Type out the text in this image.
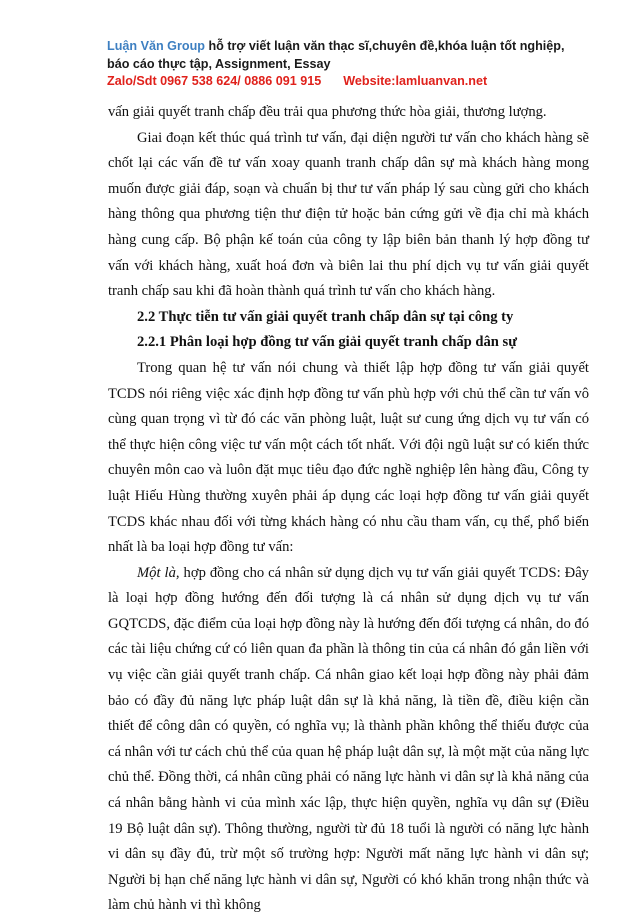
Luận Văn Group hỗ trợ viết luận văn thạc sĩ,chuyên đề,khóa luận tốt nghiệp,
báo cáo thực tập, Assignment, Essay
Zalo/Sdt 0967 538 624/ 0886 091 915 Website:lamluanvan.net

vấn giải quyết tranh chấp đều trải qua phương thức hòa giải, thương lượng.

Giai đoạn kết thúc quá trình tư vấn, đại diện người tư vấn cho khách hàng sẽ chốt lại các vấn đề tư vấn xoay quanh tranh chấp dân sự mà khách hàng mong muốn được giải đáp, soạn và chuẩn bị thư tư vấn pháp lý sau cùng gửi cho khách hàng thông qua phương tiện thư điện tử hoặc bản cứng gửi về địa chỉ mà khách hàng cung cấp. Bộ phận kế toán của công ty lập biên bản thanh lý hợp đồng tư vấn với khách hàng, xuất hoá đơn và biên lai thu phí dịch vụ tư vấn giải quyết tranh chấp sau khi đã hoàn thành quá trình tư vấn cho khách hàng.

2.2 Thực tiễn tư vấn giải quyết tranh chấp dân sự tại công ty

2.2.1 Phân loại hợp đồng tư vấn giải quyết tranh chấp dân sự

Trong quan hệ tư vấn nói chung và thiết lập hợp đồng tư vấn giải quyết TCDS nói riêng việc xác định hợp đồng tư vấn phù hợp với chủ thể cần tư vấn vô cùng quan trọng vì từ đó các văn phòng luật, luật sư cung ứng dịch vụ tư vấn có thể thực hiện công việc tư vấn một cách tốt nhất. Với đội ngũ luật sư có kiến thức chuyên môn cao và luôn đặt mục tiêu đạo đức nghề nghiệp lên hàng đầu, Công ty luật Hiếu Hùng thường xuyên phải áp dụng các loại hợp đồng tư vấn giải quyết TCDS khác nhau đối với từng khách hàng có nhu cầu tham vấn, cụ thể, phổ biến nhất là ba loại hợp đồng tư vấn:

Một là, hợp đồng cho cá nhân sử dụng dịch vụ tư vấn giải quyết TCDS: Đây là loại hợp đồng hướng đến đối tượng là cá nhân sử dụng dịch vụ tư vấn GQTCDS, đặc điểm của loại hợp đồng này là hướng đến đối tượng cá nhân, do đó các tài liệu chứng cứ có liên quan đa phần là thông tin của cá nhân đó gắn liền với vụ việc cần giải quyết tranh chấp. Cá nhân giao kết loại hợp đồng này phải đảm bảo có đầy đủ năng lực pháp luật dân sự là khả năng, là tiền đề, điều kiện cần thiết để công dân có quyền, có nghĩa vụ; là thành phần không thể thiếu được của cá nhân với tư cách chủ thể của quan hệ pháp luật dân sự, là một mặt của năng lực chủ thể. Đồng thời, cá nhân cũng phải có năng lực hành vi dân sự là khả năng của cá nhân bằng hành vi của mình xác lập, thực hiện quyền, nghĩa vụ dân sự (Điều 19 Bộ luật dân sự). Thông thường, người từ đủ 18 tuổi là người có năng lực hành vi dân sụ đầy đủ, trừ một số trường hợp: Người mất năng lực hành vi dân sự; Người bị hạn chế năng lực hành vi dân sự, Người có khó khăn trong nhận thức và làm chủ hành vi thì không
